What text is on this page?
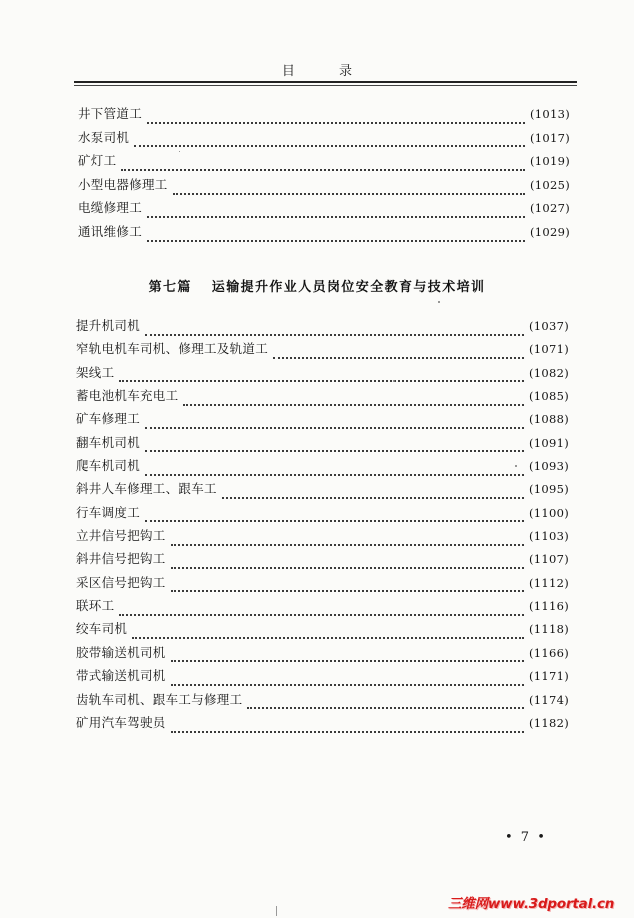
目 录
井下管道工	(1013)
水泵司机	(1017)
矿灯工	(1019)
小型电器修理工	(1025)
电缆修理工	(1027)
通讯维修工	(1029)
第七篇 运输提升作业人员岗位安全教育与技术培训
提升机司机	(1037)
窄轨电机车司机、修理工及轨道工	(1071)
架线工	(1082)
蓄电池机车充电工	(1085)
矿车修理工	(1088)
翻车机司机	(1091)
爬车机司机	(1093)
斜井人车修理工、跟车工	(1095)
行车调度工	(1100)
立井信号把钩工	(1103)
斜井信号把钩工	(1107)
采区信号把钩工	(1112)
联环工	(1116)
绞车司机	(1118)
胶带输送机司机	(1166)
带式输送机司机	(1171)
齿轨车司机、跟车工与修理工	(1174)
矿用汽车驾驶员	(1182)
• 7 •
三维网www.3dportal.cn
